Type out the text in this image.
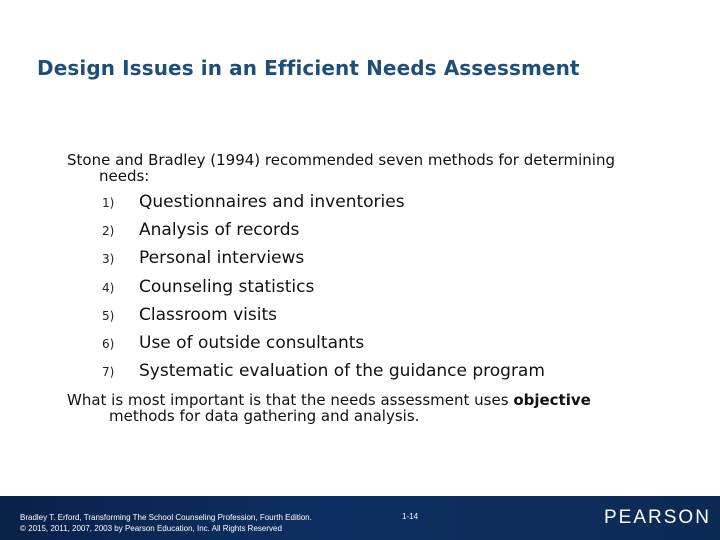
Design Issues in an Efficient Needs Assessment
Stone and Bradley (1994) recommended seven methods for determining
needs:
1) Questionnaires and inventories
2) Analysis of records
3) Personal interviews
4) Counseling statistics
5) Classroom visits
6) Use of outside consultants
7) Systematic evaluation of the guidance program
What is most important is that the needs assessment uses objective
methods for data gathering and analysis.
Bradley T. Erford, Transforming The School Counseling Profession, Fourth Edition.
© 2015, 2011, 2007, 2003 by Pearson Education, Inc. All Rights Reserved
1-14	PEARSON
